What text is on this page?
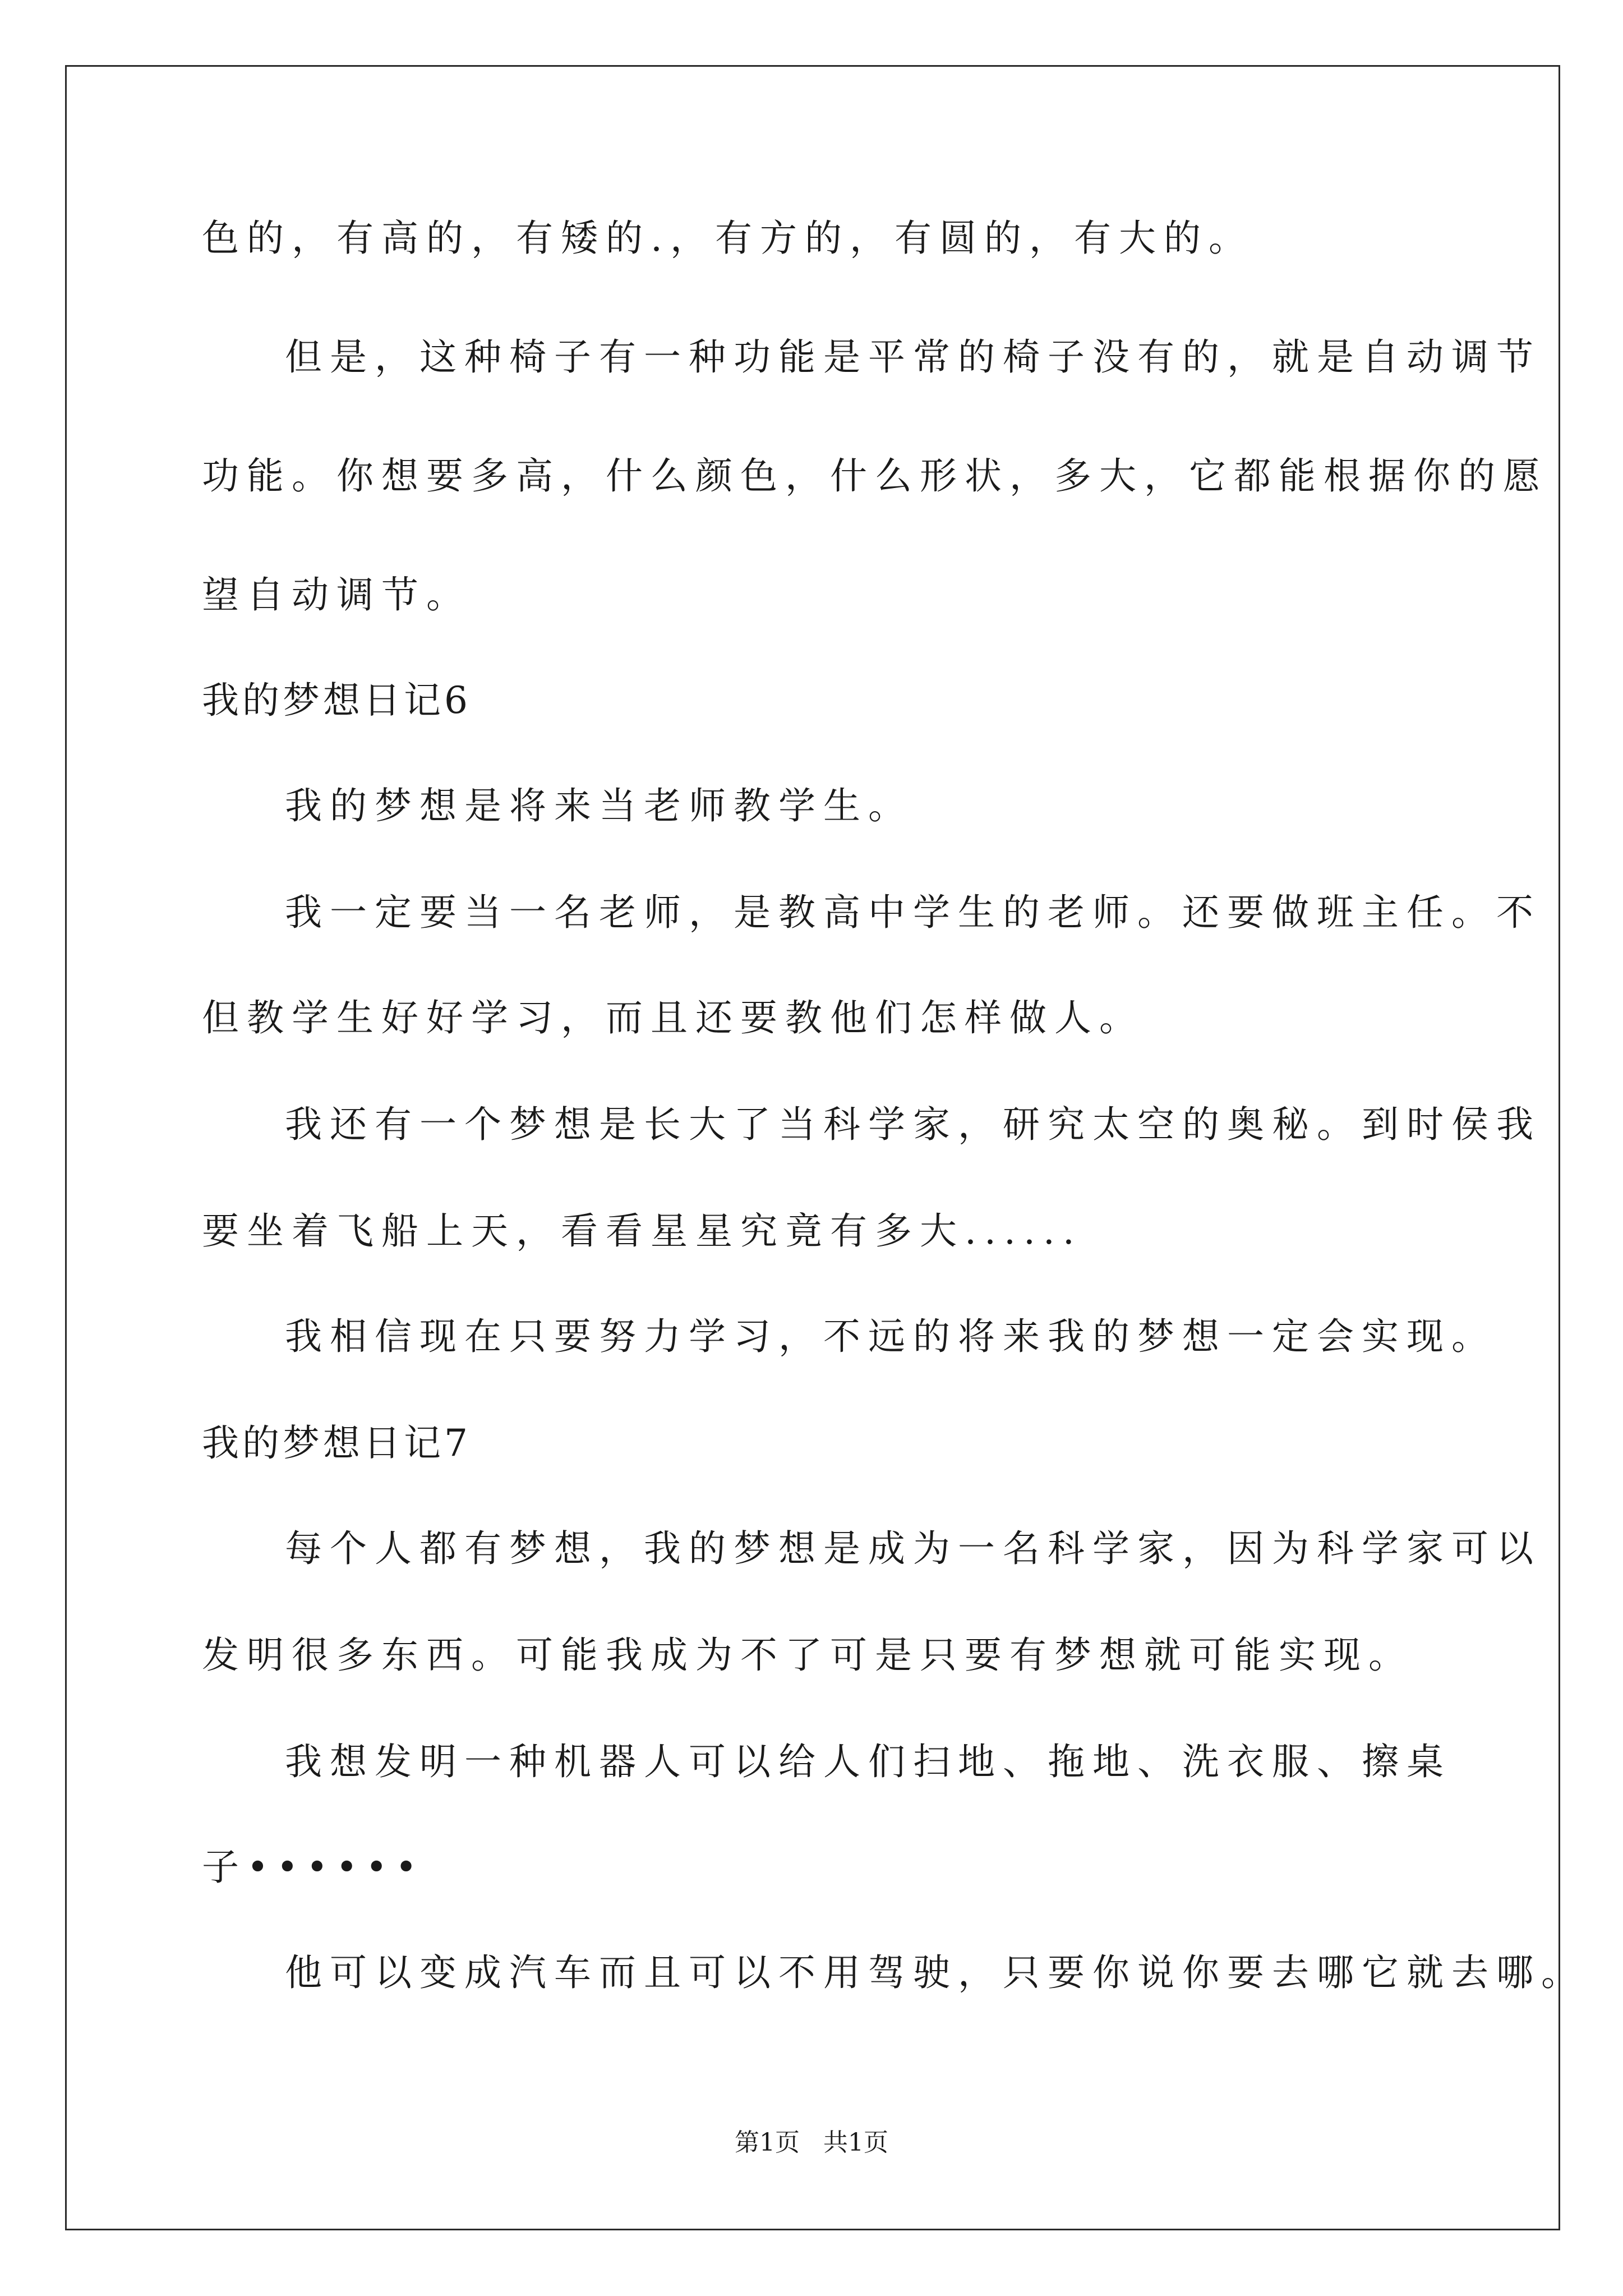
色的，有高的，有矮的.，有方的，有圆的，有大的。
但是，这种椅子有一种功能是平常的椅子没有的，就是自动调节
功能。你想要多高，什么颜色，什么形状，多大，它都能根据你的愿
望自动调节。
我的梦想日记6
我的梦想是将来当老师教学生。
我一定要当一名老师，是教高中学生的老师。还要做班主任。不
但教学生好好学习，而且还要教他们怎样做人。
我还有一个梦想是长大了当科学家，研究太空的奥秘。到时侯我
要坐着飞船上天，看看星星究竟有多大......
我相信现在只要努力学习，不远的将来我的梦想一定会实现。
我的梦想日记7
每个人都有梦想，我的梦想是成为一名科学家，因为科学家可以
发明很多东西。可能我成为不了可是只要有梦想就可能实现。
我想发明一种机器人可以给人们扫地、拖地、洗衣服、擦桌
子••••••
他可以变成汽车而且可以不用驾驶，只要你说你要去哪它就去哪。
第1页   共1页
